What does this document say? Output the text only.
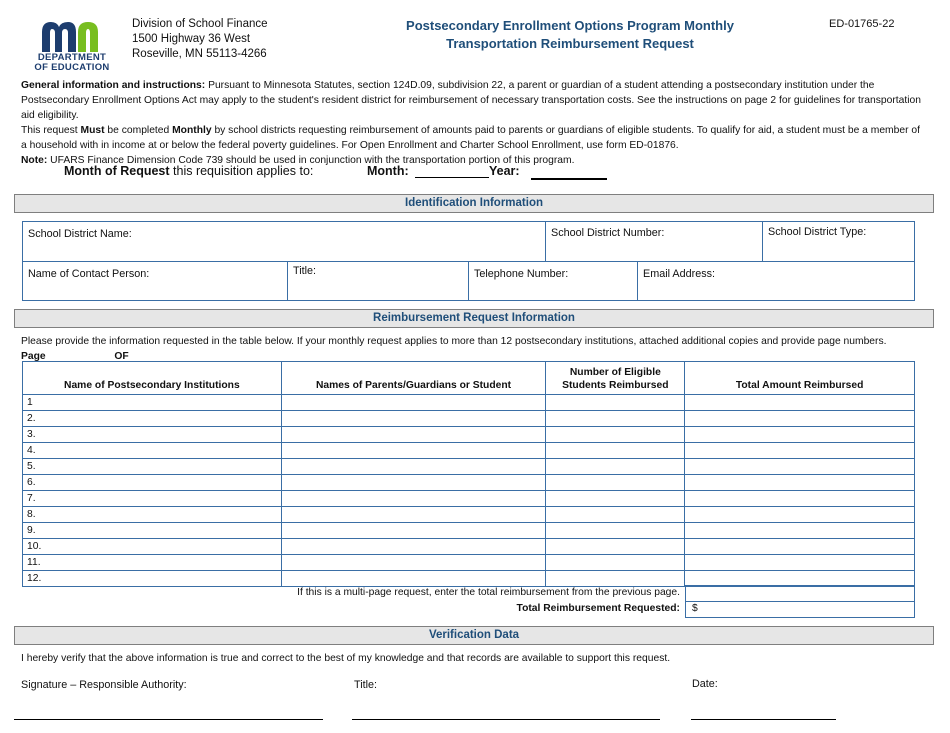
DEPARTMENT
OF EDUCATION
Division of School Finance
1500 Highway 36 West
Roseville, MN 55113-4266
Postsecondary Enrollment Options Program Monthly
Transportation Reimbursement Request
ED-01765-22
General information and instructions: Pursuant to Minnesota Statutes, section 124D.09, subdivision 22, a parent or guardian of a student attending a postsecondary institution under the Postsecondary Enrollment Options Act may apply to the student's resident district for reimbursement of necessary transportation costs. See the instructions on page 2 for guidelines for transportation aid eligibility.
This request Must be completed Monthly by school districts requesting reimbursement of amounts paid to parents or guardians of eligible students. To qualify for aid, a student must be a member of a household with in income at or below the federal poverty guidelines. For Open Enrollment and Charter School Enrollment, use form ED-01876.
Note: UFARS Finance Dimension Code 739 should be used in conjunction with the transportation portion of this program.
Month of Request this requisition applies to:	Month:	Year:
Identification Information
School District Name:	School District Number:	School District Type:
Name of Contact Person:	Title:	Telephone Number:	Email Address:
Reimbursement Request Information
Please provide the information requested in the table below. If your monthly request applies to more than 12 postsecondary institutions, attached additional copies and provide page numbers.
Page	OF
Name of Postsecondary Institutions	Names of Parents/Guardians or Student	Number of Eligible Students Reimbursed	Total Amount Reimbursed
1			
2.			
3.			
4.			
5.			
6.			
7.			
8.			
9.			
10.			
11.			
12.			
If this is a multi-page request, enter the total reimbursement from the previous page.
Total Reimbursement Requested:	$
Verification Data
I hereby verify that the above information is true and correct to the best of my knowledge and that records are available to support this request.
Signature – Responsible Authority:	Title:	Date:
